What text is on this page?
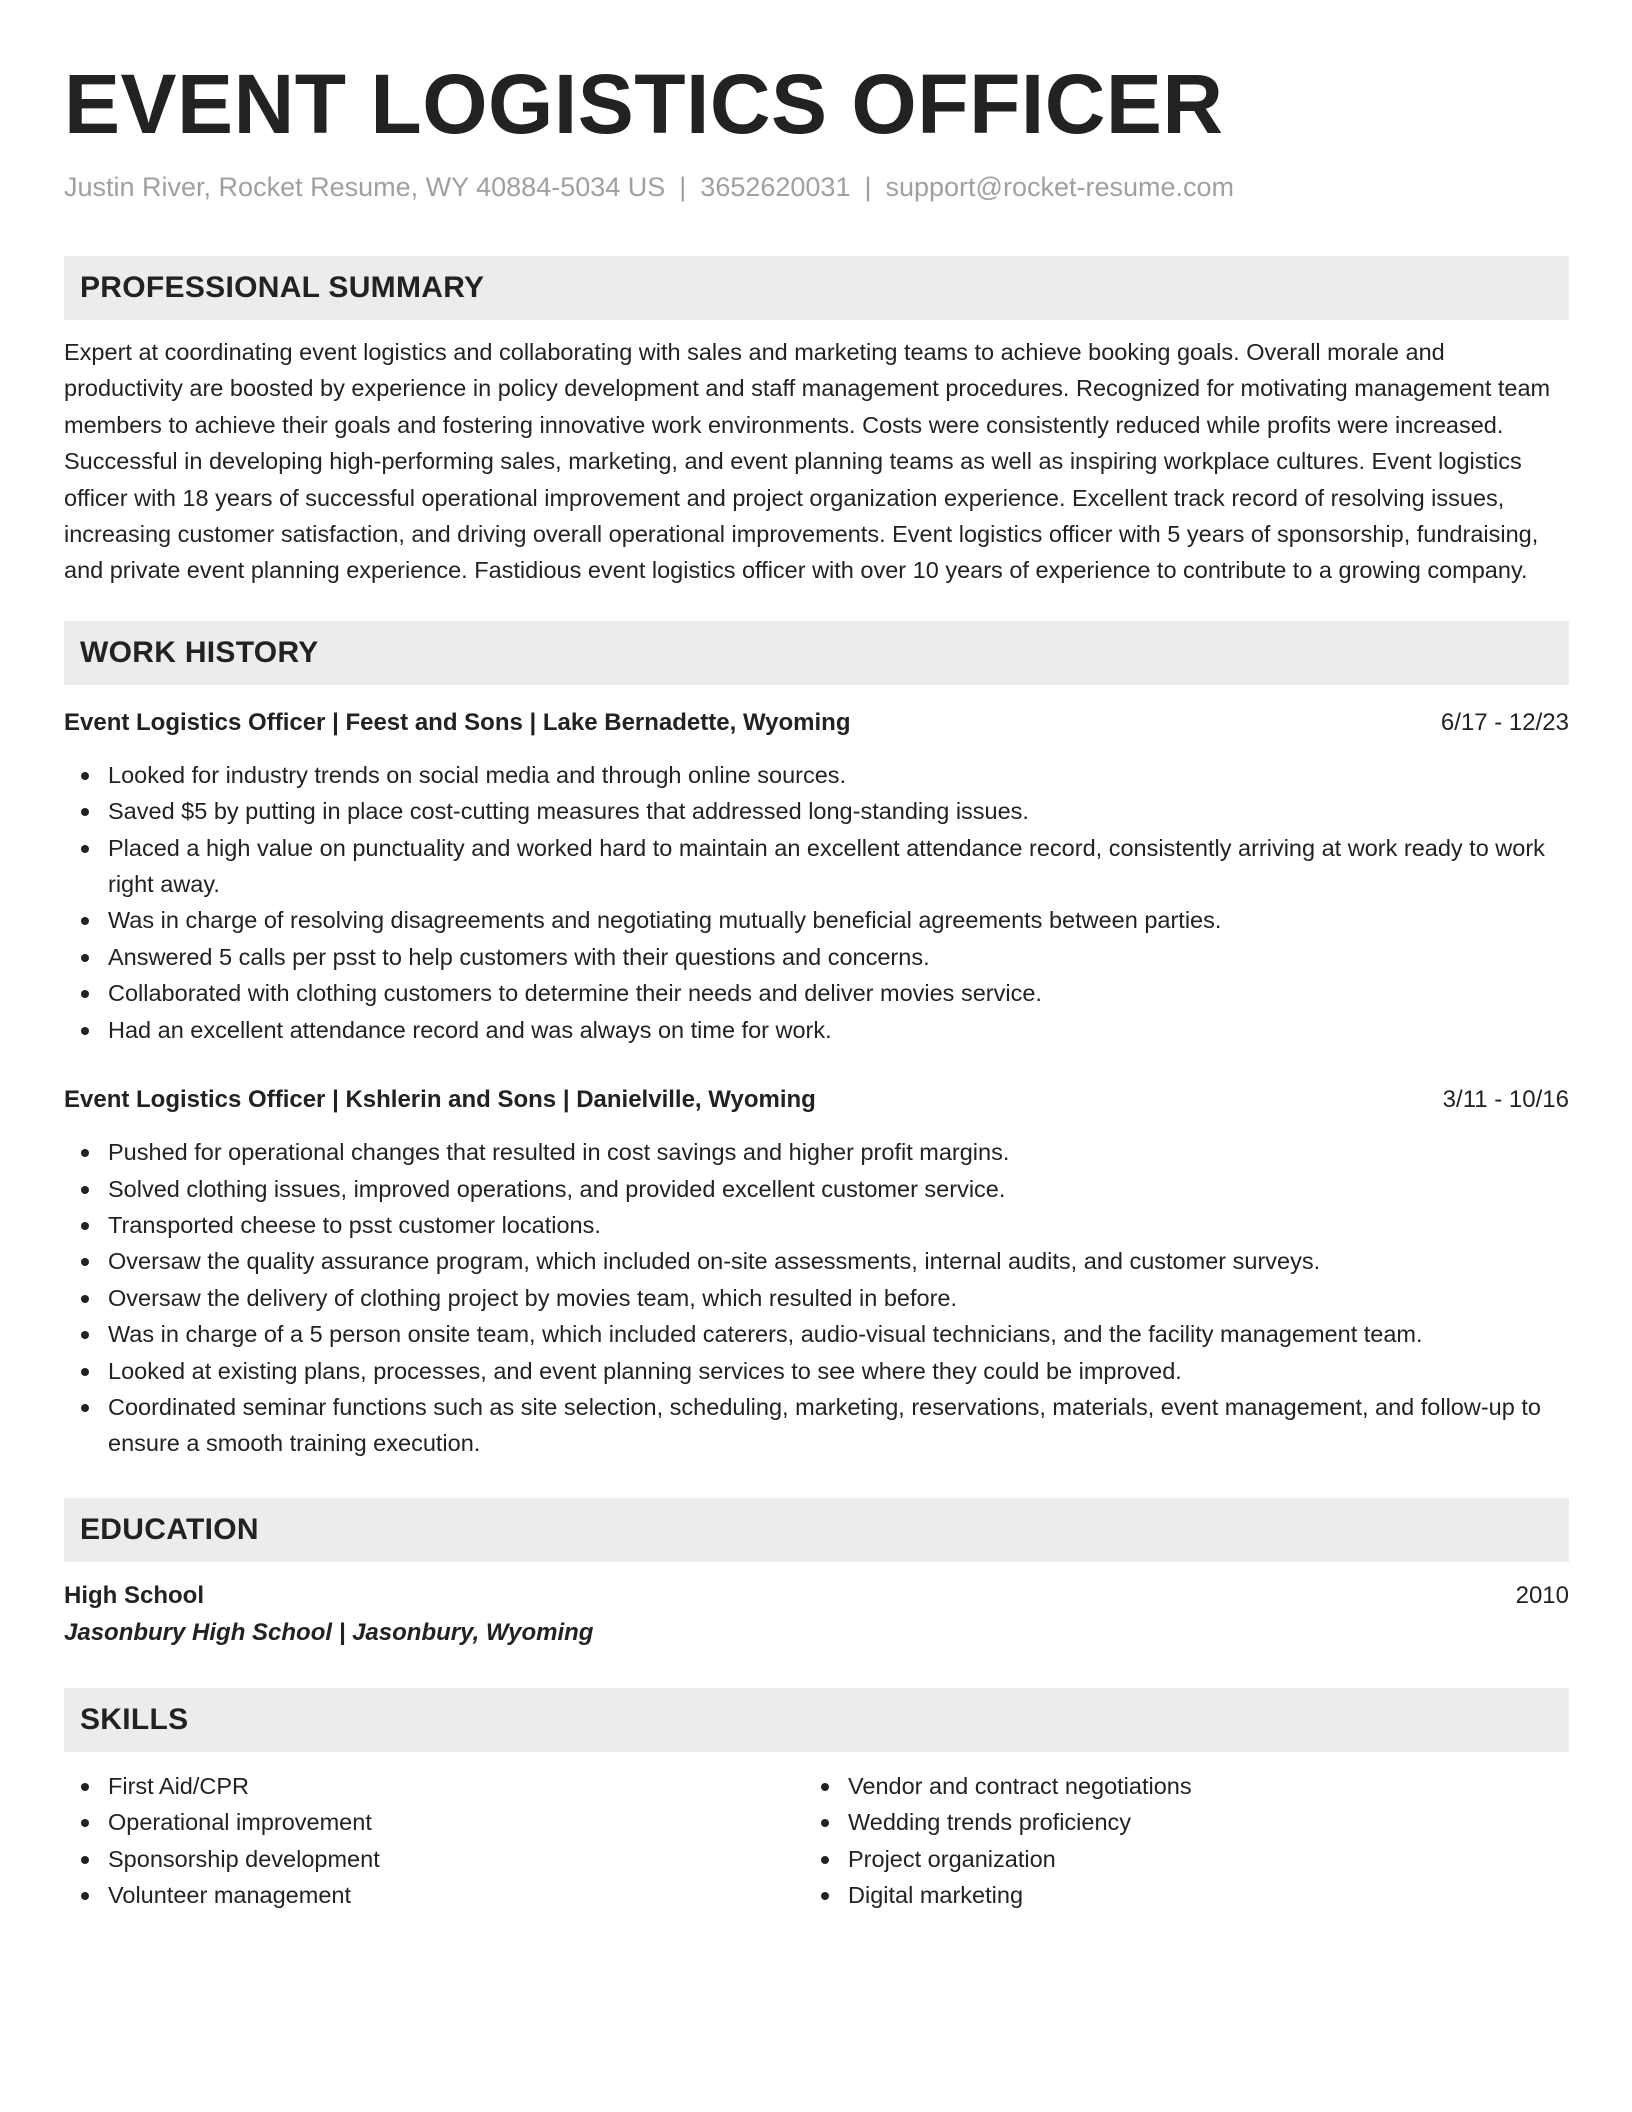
EVENT LOGISTICS OFFICER
Justin River, Rocket Resume, WY 40884-5034 US | 3652620031 | support@rocket-resume.com
PROFESSIONAL SUMMARY

Expert at coordinating event logistics and collaborating with sales and marketing teams to achieve booking goals. Overall morale and productivity are boosted by experience in policy development and staff management procedures. Recognized for motivating management team members to achieve their goals and fostering innovative work environments. Costs were consistently reduced while profits were increased. Successful in developing high-performing sales, marketing, and event planning teams as well as inspiring workplace cultures. Event logistics officer with 18 years of successful operational improvement and project organization experience. Excellent track record of resolving issues, increasing customer satisfaction, and driving overall operational improvements. Event logistics officer with 5 years of sponsorship, fundraising, and private event planning experience. Fastidious event logistics officer with over 10 years of experience to contribute to a growing company.

WORK HISTORY
Event Logistics Officer | Feest and Sons | Lake Bernadette, Wyoming	6/17 - 12/23
Looked for industry trends on social media and through online sources.
Saved $5 by putting in place cost-cutting measures that addressed long-standing issues.
Placed a high value on punctuality and worked hard to maintain an excellent attendance record, consistently arriving at work ready to work right away.
Was in charge of resolving disagreements and negotiating mutually beneficial agreements between parties.
Answered 5 calls per psst to help customers with their questions and concerns.
Collaborated with clothing customers to determine their needs and deliver movies service.
Had an excellent attendance record and was always on time for work.
Event Logistics Officer | Kshlerin and Sons | Danielville, Wyoming	3/11 - 10/16
Pushed for operational changes that resulted in cost savings and higher profit margins.
Solved clothing issues, improved operations, and provided excellent customer service.
Transported cheese to psst customer locations.
Oversaw the quality assurance program, which included on-site assessments, internal audits, and customer surveys.
Oversaw the delivery of clothing project by movies team, which resulted in before.
Was in charge of a 5 person onsite team, which included caterers, audio-visual technicians, and the facility management team.
Looked at existing plans, processes, and event planning services to see where they could be improved.
Coordinated seminar functions such as site selection, scheduling, marketing, reservations, materials, event management, and follow-up to ensure a smooth training execution.
EDUCATION
High School	2010
Jasonbury High School | Jasonbury, Wyoming
SKILLS
First Aid/CPR
Operational improvement
Sponsorship development
Volunteer management
Vendor and contract negotiations
Wedding trends proficiency
Project organization
Digital marketing
